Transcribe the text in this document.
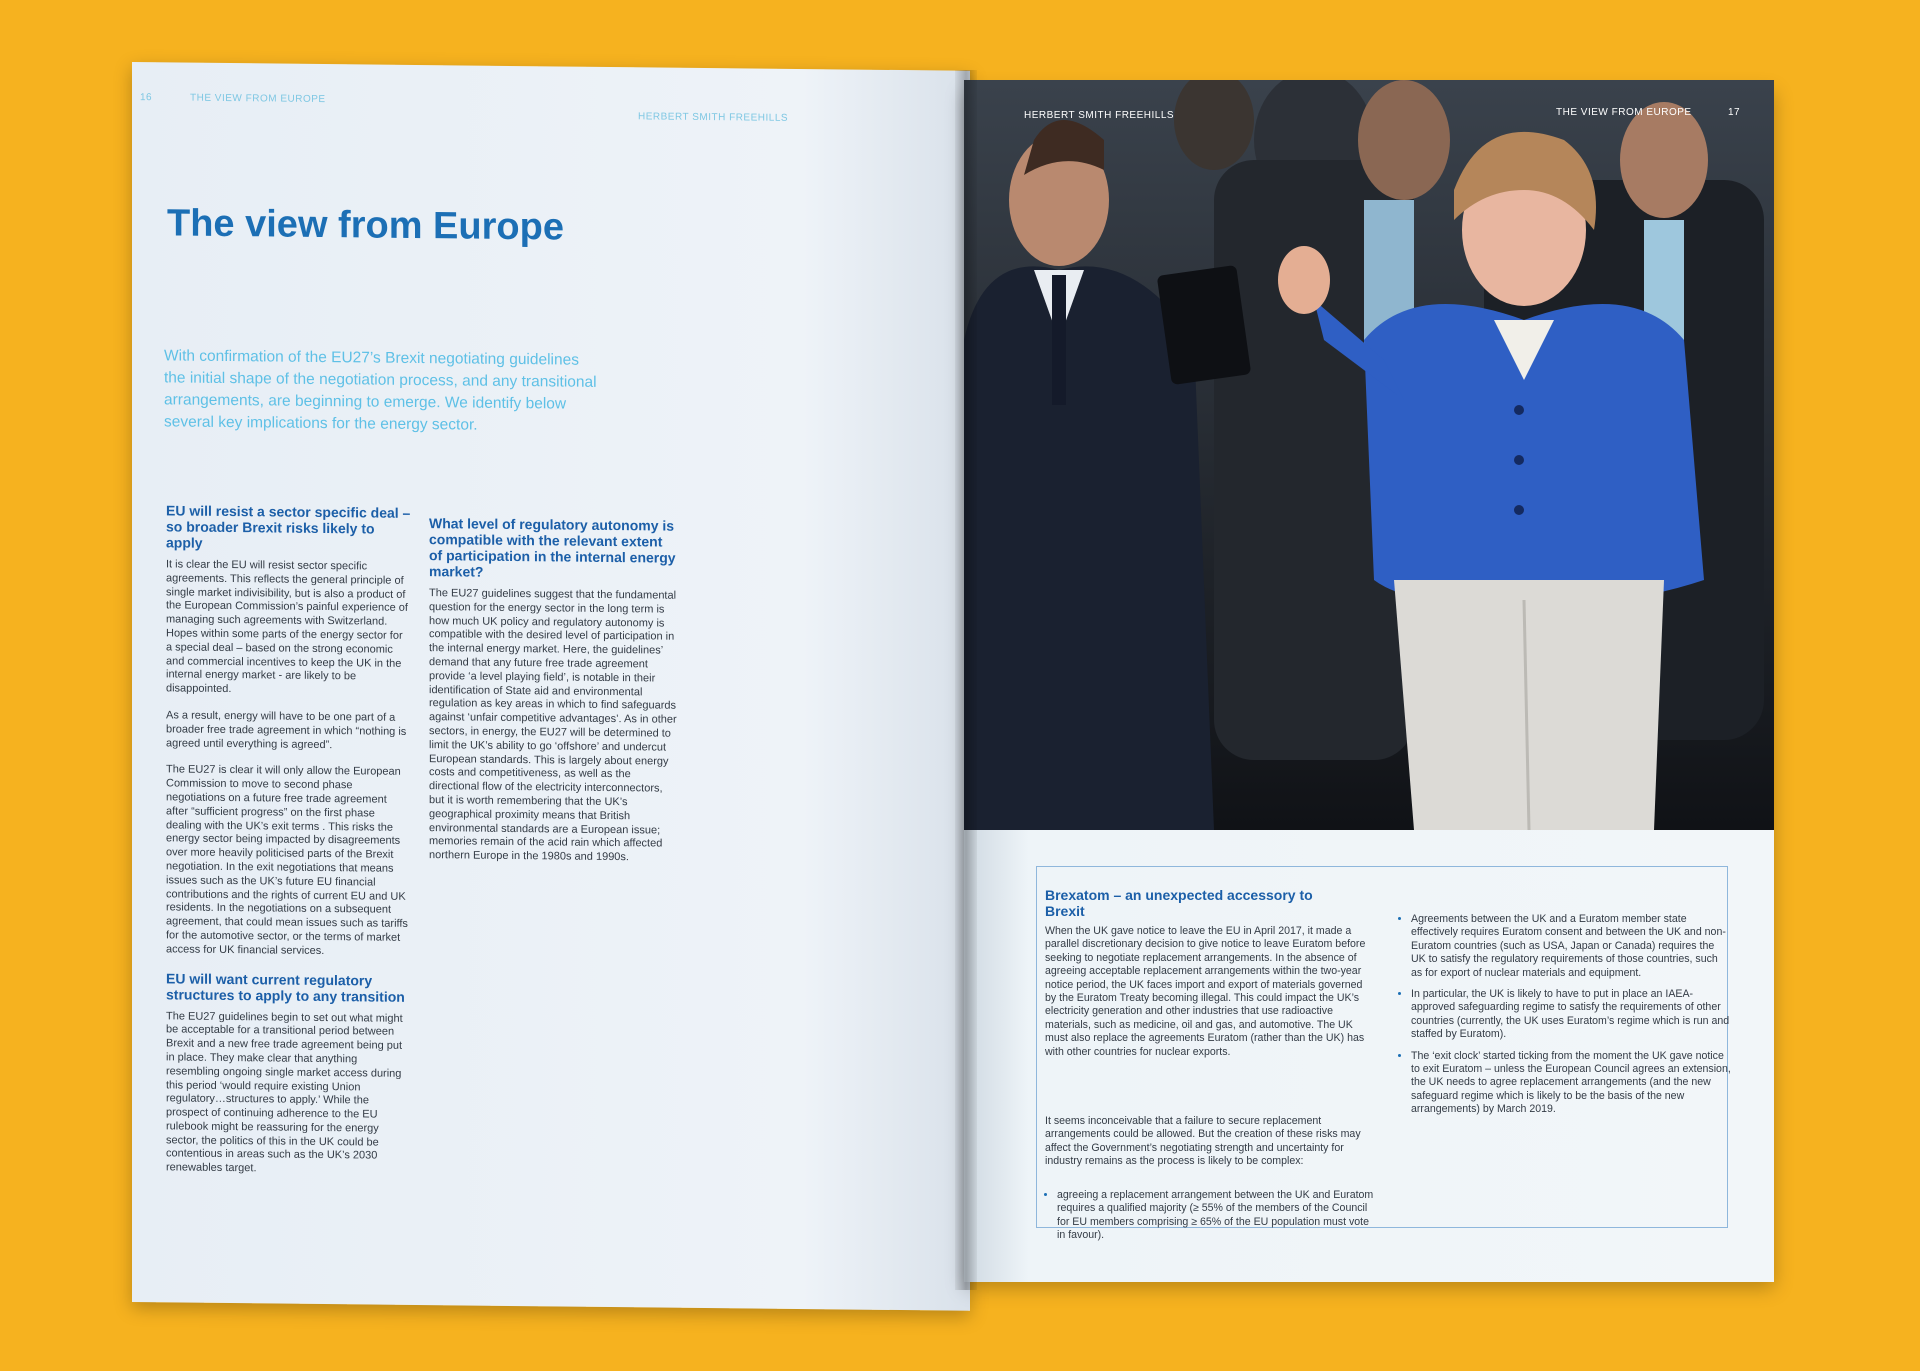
16	THE VIEW FROM EUROPE
HERBERT SMITH FREEHILLS
The view from Europe

With confirmation of the EU27’s Brexit negotiating guidelines the initial shape of the negotiation process, and any transitional arrangements, are beginning to emerge. We identify below several key implications for the energy sector.

EU will resist a sector specific deal – so broader Brexit risks likely to apply

It is clear the EU will resist sector specific agreements. This reflects the general principle of single market indivisibility, but is also a product of the European Commission’s painful experience of managing such agreements with Switzerland. Hopes within some parts of the energy sector for a special deal – based on the strong economic and commercial incentives to keep the UK in the internal energy market - are likely to be disappointed.

As a result, energy will have to be one part of a broader free trade agreement in which “nothing is agreed until everything is agreed”.

The EU27 is clear it will only allow the European Commission to move to second phase negotiations on a future free trade agreement after “sufficient progress” on the first phase dealing with the UK’s exit terms . This risks the energy sector being impacted by disagreements over more heavily politicised parts of the Brexit negotiation. In the exit negotiations that means issues such as the UK’s future EU financial contributions and the rights of current EU and UK residents. In the negotiations on a subsequent agreement, that could mean issues such as tariffs for the automotive sector, or the terms of market access for UK financial services.

EU will want current regulatory structures to apply to any transition

The EU27 guidelines begin to set out what might be acceptable for a transitional period between Brexit and a new free trade agreement being put in place. They make clear that anything resembling ongoing single market access during this period ‘would require existing Union regulatory…structures to apply.’ While the prospect of continuing adherence to the EU rulebook might be reassuring for the energy sector, the politics of this in the UK could be contentious in areas such as the UK’s 2030 renewables target.

What level of regulatory autonomy is compatible with the relevant extent of participation in the internal energy market?

The EU27 guidelines suggest that the fundamental question for the energy sector in the long term is how much UK policy and regulatory autonomy is compatible with the desired level of participation in the internal energy market. Here, the guidelines’ demand that any future free trade agreement provide ‘a level playing field’, is notable in their identification of State aid and environmental regulation as key areas in which to find safeguards against ‘unfair competitive advantages’. As in other sectors, in energy, the EU27 will be determined to limit the UK’s ability to go ‘offshore’ and undercut European standards. This is largely about energy costs and competitiveness, as well as the directional flow of the electricity interconnectors, but it is worth remembering that the UK’s geographical proximity means that British environmental standards are a European issue; memories remain of the acid rain which affected northern Europe in the 1980s and 1990s.

HERBERT SMITH FREEHILLS	THE VIEW FROM EUROPE	17
Brexatom – an unexpected accessory to Brexit

When the UK gave notice to leave the EU in April 2017, it made a parallel discretionary decision to give notice to leave Euratom before seeking to negotiate replacement arrangements. In the absence of agreeing acceptable replacement arrangements within the two-year notice period, the UK faces import and export of materials governed by the Euratom Treaty becoming illegal. This could impact the UK’s electricity generation and other industries that use radioactive materials, such as medicine, oil and gas, and automotive. The UK must also replace the agreements Euratom (rather than the UK) has with other countries for nuclear exports.

It seems inconceivable that a failure to secure replacement arrangements could be allowed. But the creation of these risks may affect the Government’s negotiating strength and uncertainty for industry remains as the process is likely to be complex:

• agreeing a replacement arrangement between the UK and Euratom requires a qualified majority (≥ 55% of the members of the Council for EU members comprising ≥ 65% of the EU population must vote in favour).
• Agreements between the UK and a Euratom member state effectively requires Euratom consent and between the UK and non-Euratom countries (such as USA, Japan or Canada) requires the UK to satisfy the regulatory requirements of those countries, such as for export of nuclear materials and equipment.
• In particular, the UK is likely to have to put in place an IAEA-approved safeguarding regime to satisfy the requirements of other countries (currently, the UK uses Euratom’s regime which is run and staffed by Euratom).
• The ‘exit clock’ started ticking from the moment the UK gave notice to exit Euratom – unless the European Council agrees an extension, the UK needs to agree replacement arrangements (and the new safeguard regime which is likely to be the basis of the new arrangements) by March 2019.
